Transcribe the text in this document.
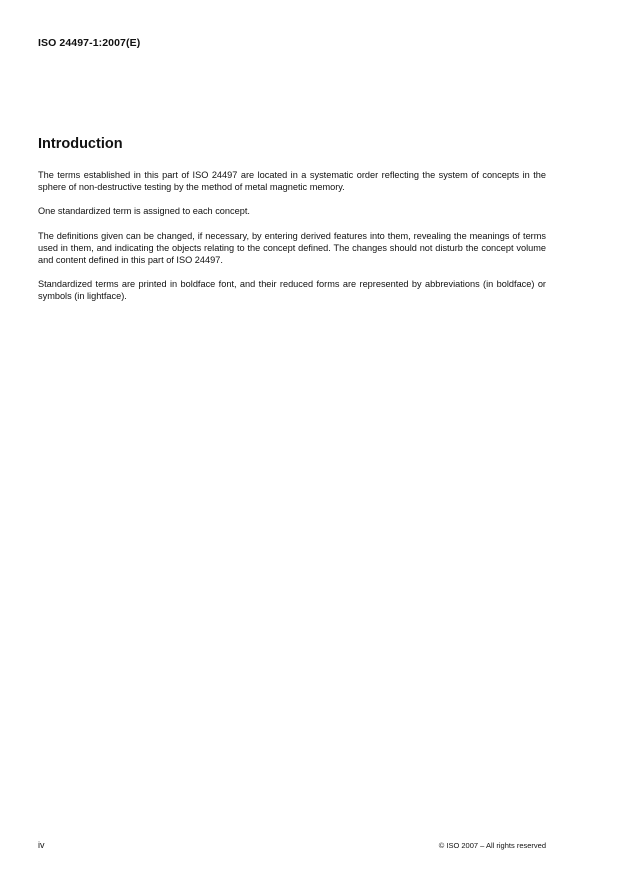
ISO 24497-1:2007(E)
Introduction

The terms established in this part of ISO 24497 are located in a systematic order reflecting the system of concepts in the sphere of non-destructive testing by the method of metal magnetic memory.

One standardized term is assigned to each concept.

The definitions given can be changed, if necessary, by entering derived features into them, revealing the meanings of terms used in them, and indicating the objects relating to the concept defined. The changes should not disturb the concept volume and content defined in this part of ISO 24497.

Standardized terms are printed in boldface font, and their reduced forms are represented by abbreviations (in boldface) or symbols (in lightface).

iv	© ISO 2007 – All rights reserved
